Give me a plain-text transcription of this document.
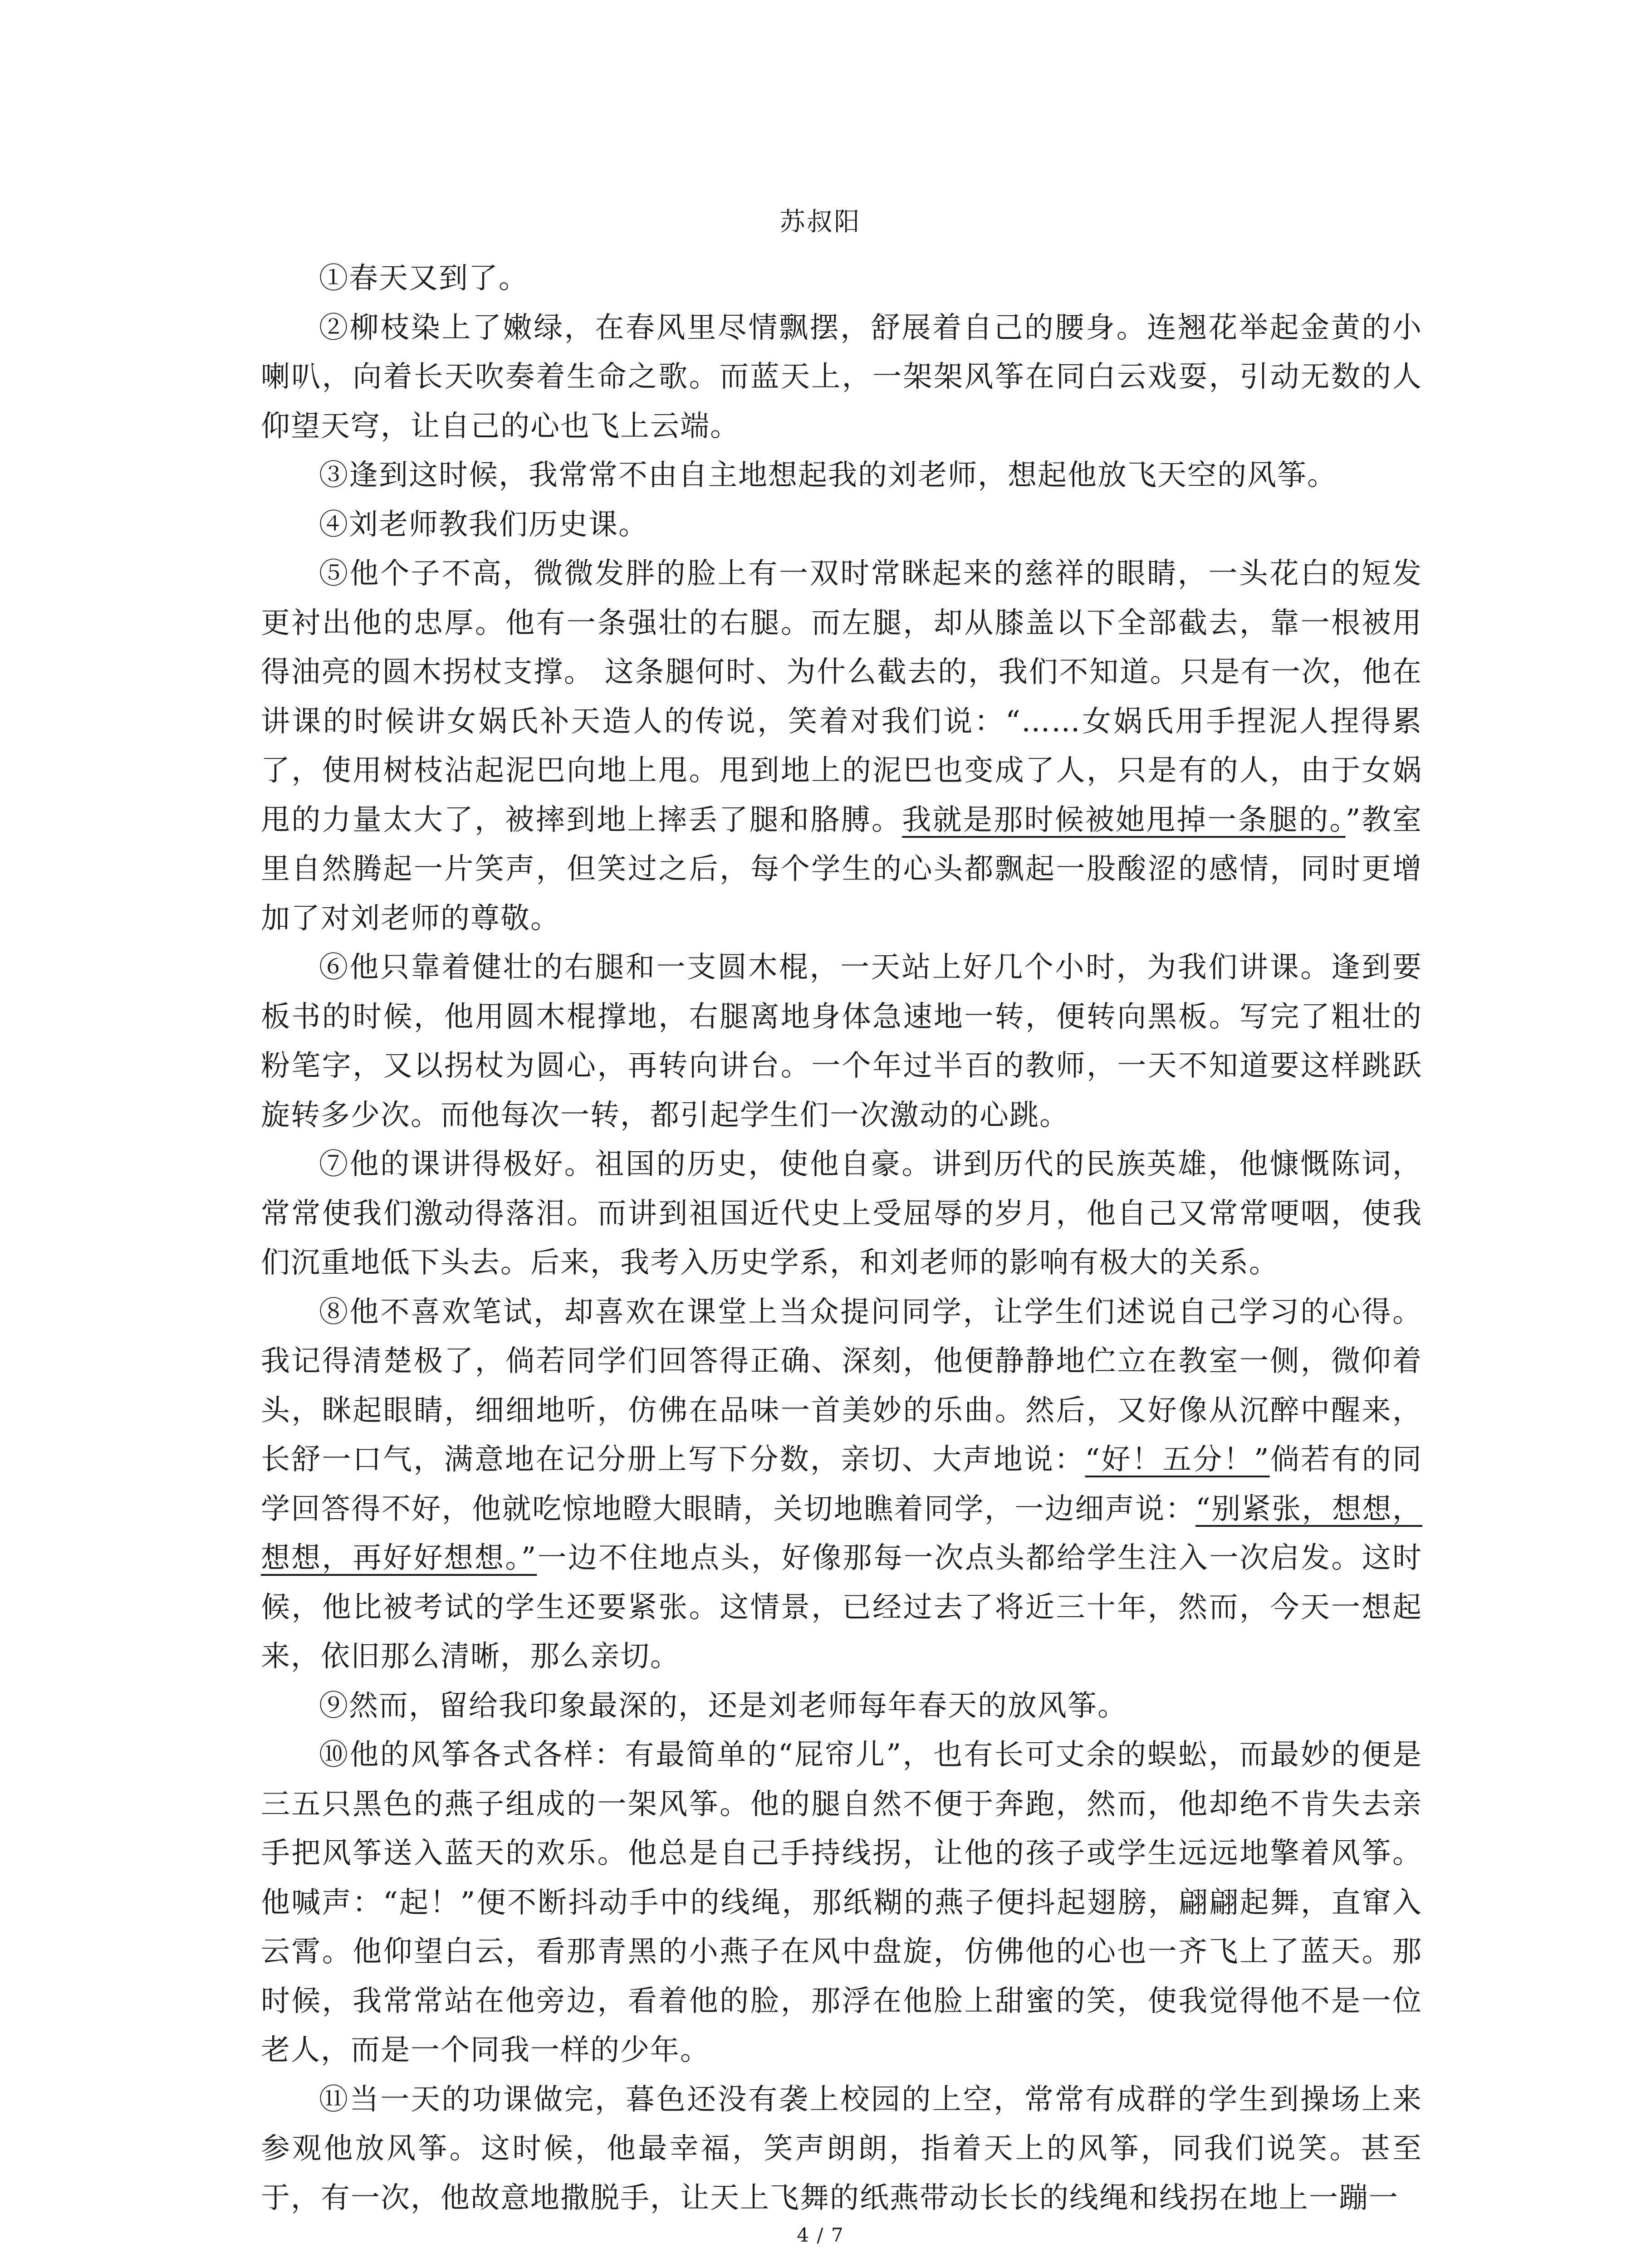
苏叔阳

①春天又到了。

②柳枝染上了嫩绿，在春风里尽情飘摆，舒展着自己的腰身。连翘花举起金黄的小喇叭，向着长天吹奏着生命之歌。而蓝天上，一架架风筝在同白云戏耍，引动无数的人仰望天穹，让自己的心也飞上云端。

③逢到这时候，我常常不由自主地想起我的刘老师，想起他放飞天空的风筝。

④刘老师教我们历史课。

⑤他个子不高，微微发胖的脸上有一双时常眯起来的慈祥的眼睛，一头花白的短发更衬出他的忠厚。他有一条强壮的右腿。而左腿，却从膝盖以下全部截去，靠一根被用得油亮的圆木拐杖支撑。 这条腿何时、为什么截去的，我们不知道。只是有一次，他在讲课的时候讲女娲氏补天造人的传说，笑着对我们说：“……女娲氏用手捏泥人捏得累了，使用树枝沾起泥巴向地上甩。甩到地上的泥巴也变成了人，只是有的人，由于女娲甩的力量太大了，被摔到地上摔丢了腿和胳膊。我就是那时候被她甩掉一条腿的。”教室里自然腾起一片笑声，但笑过之后，每个学生的心头都飘起一股酸涩的感情，同时更增加了对刘老师的尊敬。

⑥他只靠着健壮的右腿和一支圆木棍，一天站上好几个小时，为我们讲课。逢到要板书的时候，他用圆木棍撑地，右腿离地身体急速地一转，便转向黑板。写完了粗壮的粉笔字，又以拐杖为圆心，再转向讲台。一个年过半百的教师，一天不知道要这样跳跃旋转多少次。而他每次一转，都引起学生们一次激动的心跳。

⑦他的课讲得极好。祖国的历史，使他自豪。讲到历代的民族英雄，他慷慨陈词，常常使我们激动得落泪。而讲到祖国近代史上受屈辱的岁月，他自己又常常哽咽，使我们沉重地低下头去。后来，我考入历史学系，和刘老师的影响有极大的关系。

⑧他不喜欢笔试，却喜欢在课堂上当众提问同学，让学生们述说自己学习的心得。我记得清楚极了，倘若同学们回答得正确、深刻，他便静静地伫立在教室一侧，微仰着头，眯起眼睛，细细地听，仿佛在品味一首美妙的乐曲。然后，又好像从沉醉中醒来，长舒一口气，满意地在记分册上写下分数，亲切、大声地说：“好！五分！”倘若有的同学回答得不好，他就吃惊地瞪大眼睛，关切地瞧着同学，一边细声说：“别紧张，想想，想想，再好好想想。”一边不住地点头，好像那每一次点头都给学生注入一次启发。这时候，他比被考试的学生还要紧张。这情景，已经过去了将近三十年，然而，今天一想起来，依旧那么清晰，那么亲切。

⑨然而，留给我印象最深的，还是刘老师每年春天的放风筝。

⑩他的风筝各式各样：有最简单的“屁帘儿”，也有长可丈余的蜈蚣，而最妙的便是三五只黑色的燕子组成的一架风筝。他的腿自然不便于奔跑，然而，他却绝不肯失去亲手把风筝送入蓝天的欢乐。他总是自己手持线拐，让他的孩子或学生远远地擎着风筝。他喊声：“起！”便不断抖动手中的线绳，那纸糊的燕子便抖起翅膀，翩翩起舞，直窜入云霄。他仰望白云，看那青黑的小燕子在风中盘旋，仿佛他的心也一齐飞上了蓝天。那时候，我常常站在他旁边，看着他的脸，那浮在他脸上甜蜜的笑，使我觉得他不是一位老人，而是一个同我一样的少年。

⑪当一天的功课做完，暮色还没有袭上校园的上空，常常有成群的学生到操场上来参观他放风筝。这时候，他最幸福，笑声朗朗，指着天上的风筝，同我们说笑。甚至于，有一次，他故意地撒脱手，让天上飞舞的纸燕带动长长的线绳和线拐在地上一蹦一

4 / 7
